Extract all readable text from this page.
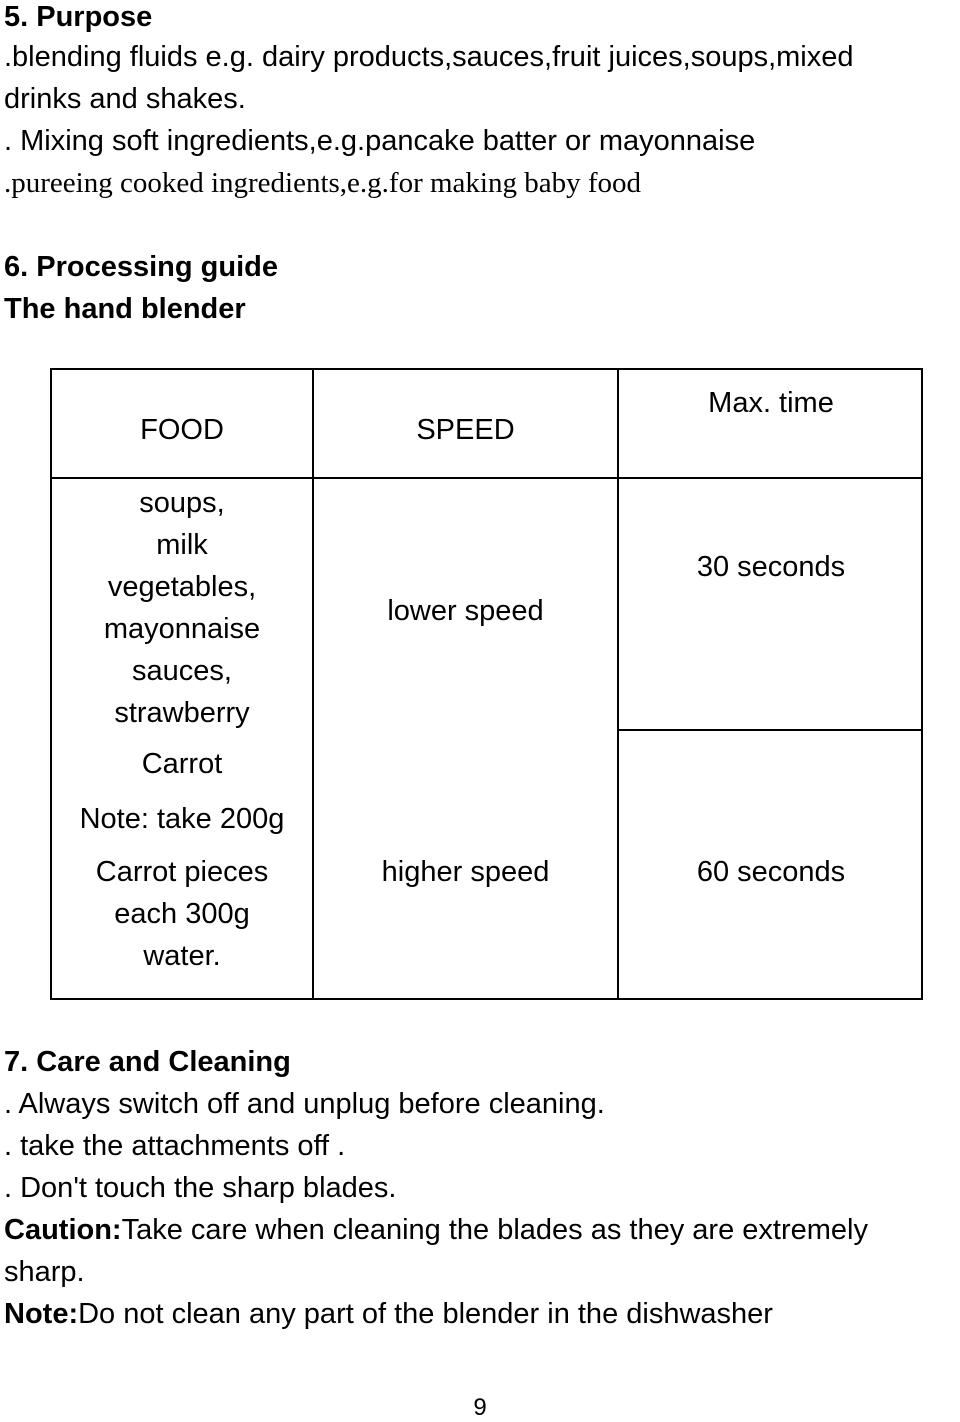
5. Purpose

.blending fluids e.g. dairy products,sauces,fruit juices,soups,mixed

drinks and shakes.

. Mixing soft ingredients,e.g.pancake batter or mayonnaise

.pureeing cooked ingredients,e.g.for making baby food

6. Processing guide

The hand blender

FOOD	SPEED
Max. time
soups,
milk
vegetables,
mayonnaise
sauces,
strawberry
Carrot
Note: take 200g
Carrot pieces
each 300g
water.
lower speed
higher speed
30 seconds
60 seconds

7. Care and Cleaning

. Always switch off and unplug before cleaning.

. take the attachments off .

. Don't touch the sharp blades.

Caution:Take care when cleaning the blades as they are extremely

sharp.

Note:Do not clean any part of the blender in the dishwasher

9
